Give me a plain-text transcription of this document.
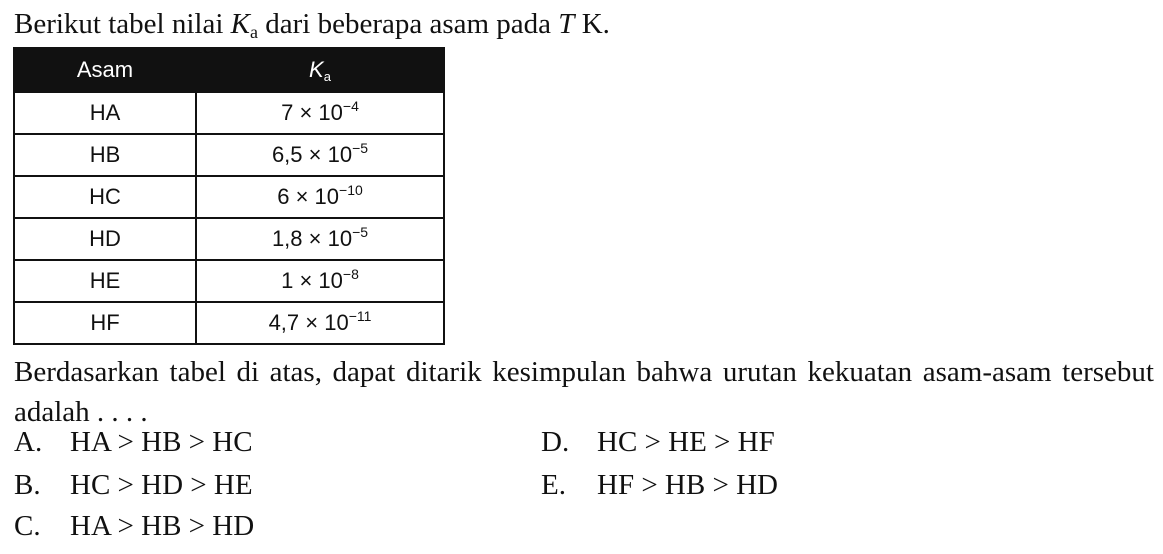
Berikut tabel nilai $K_a$ dari beberapa asam pada T K.
Asam	$K_a$
HA	$7 \times 10^{-4}$
HB	$6,5 \times 10^{-5}$
HC	$6 \times 10^{-10}$
HD	$1,8 \times 10^{-5}$
HE	$1 \times 10^{-8}$
HF	$4,7 \times 10^{-11}$
Berdasarkan tabel di atas, dapat ditarik kesimpulan bahwa urutan kekuatan asam-asam tersebut adalah . . . .
A. HA > HB > HC
B. HC > HD > HE
C. HA > HB > HD
D. HC > HE > HF
E. HF > HB > HD
